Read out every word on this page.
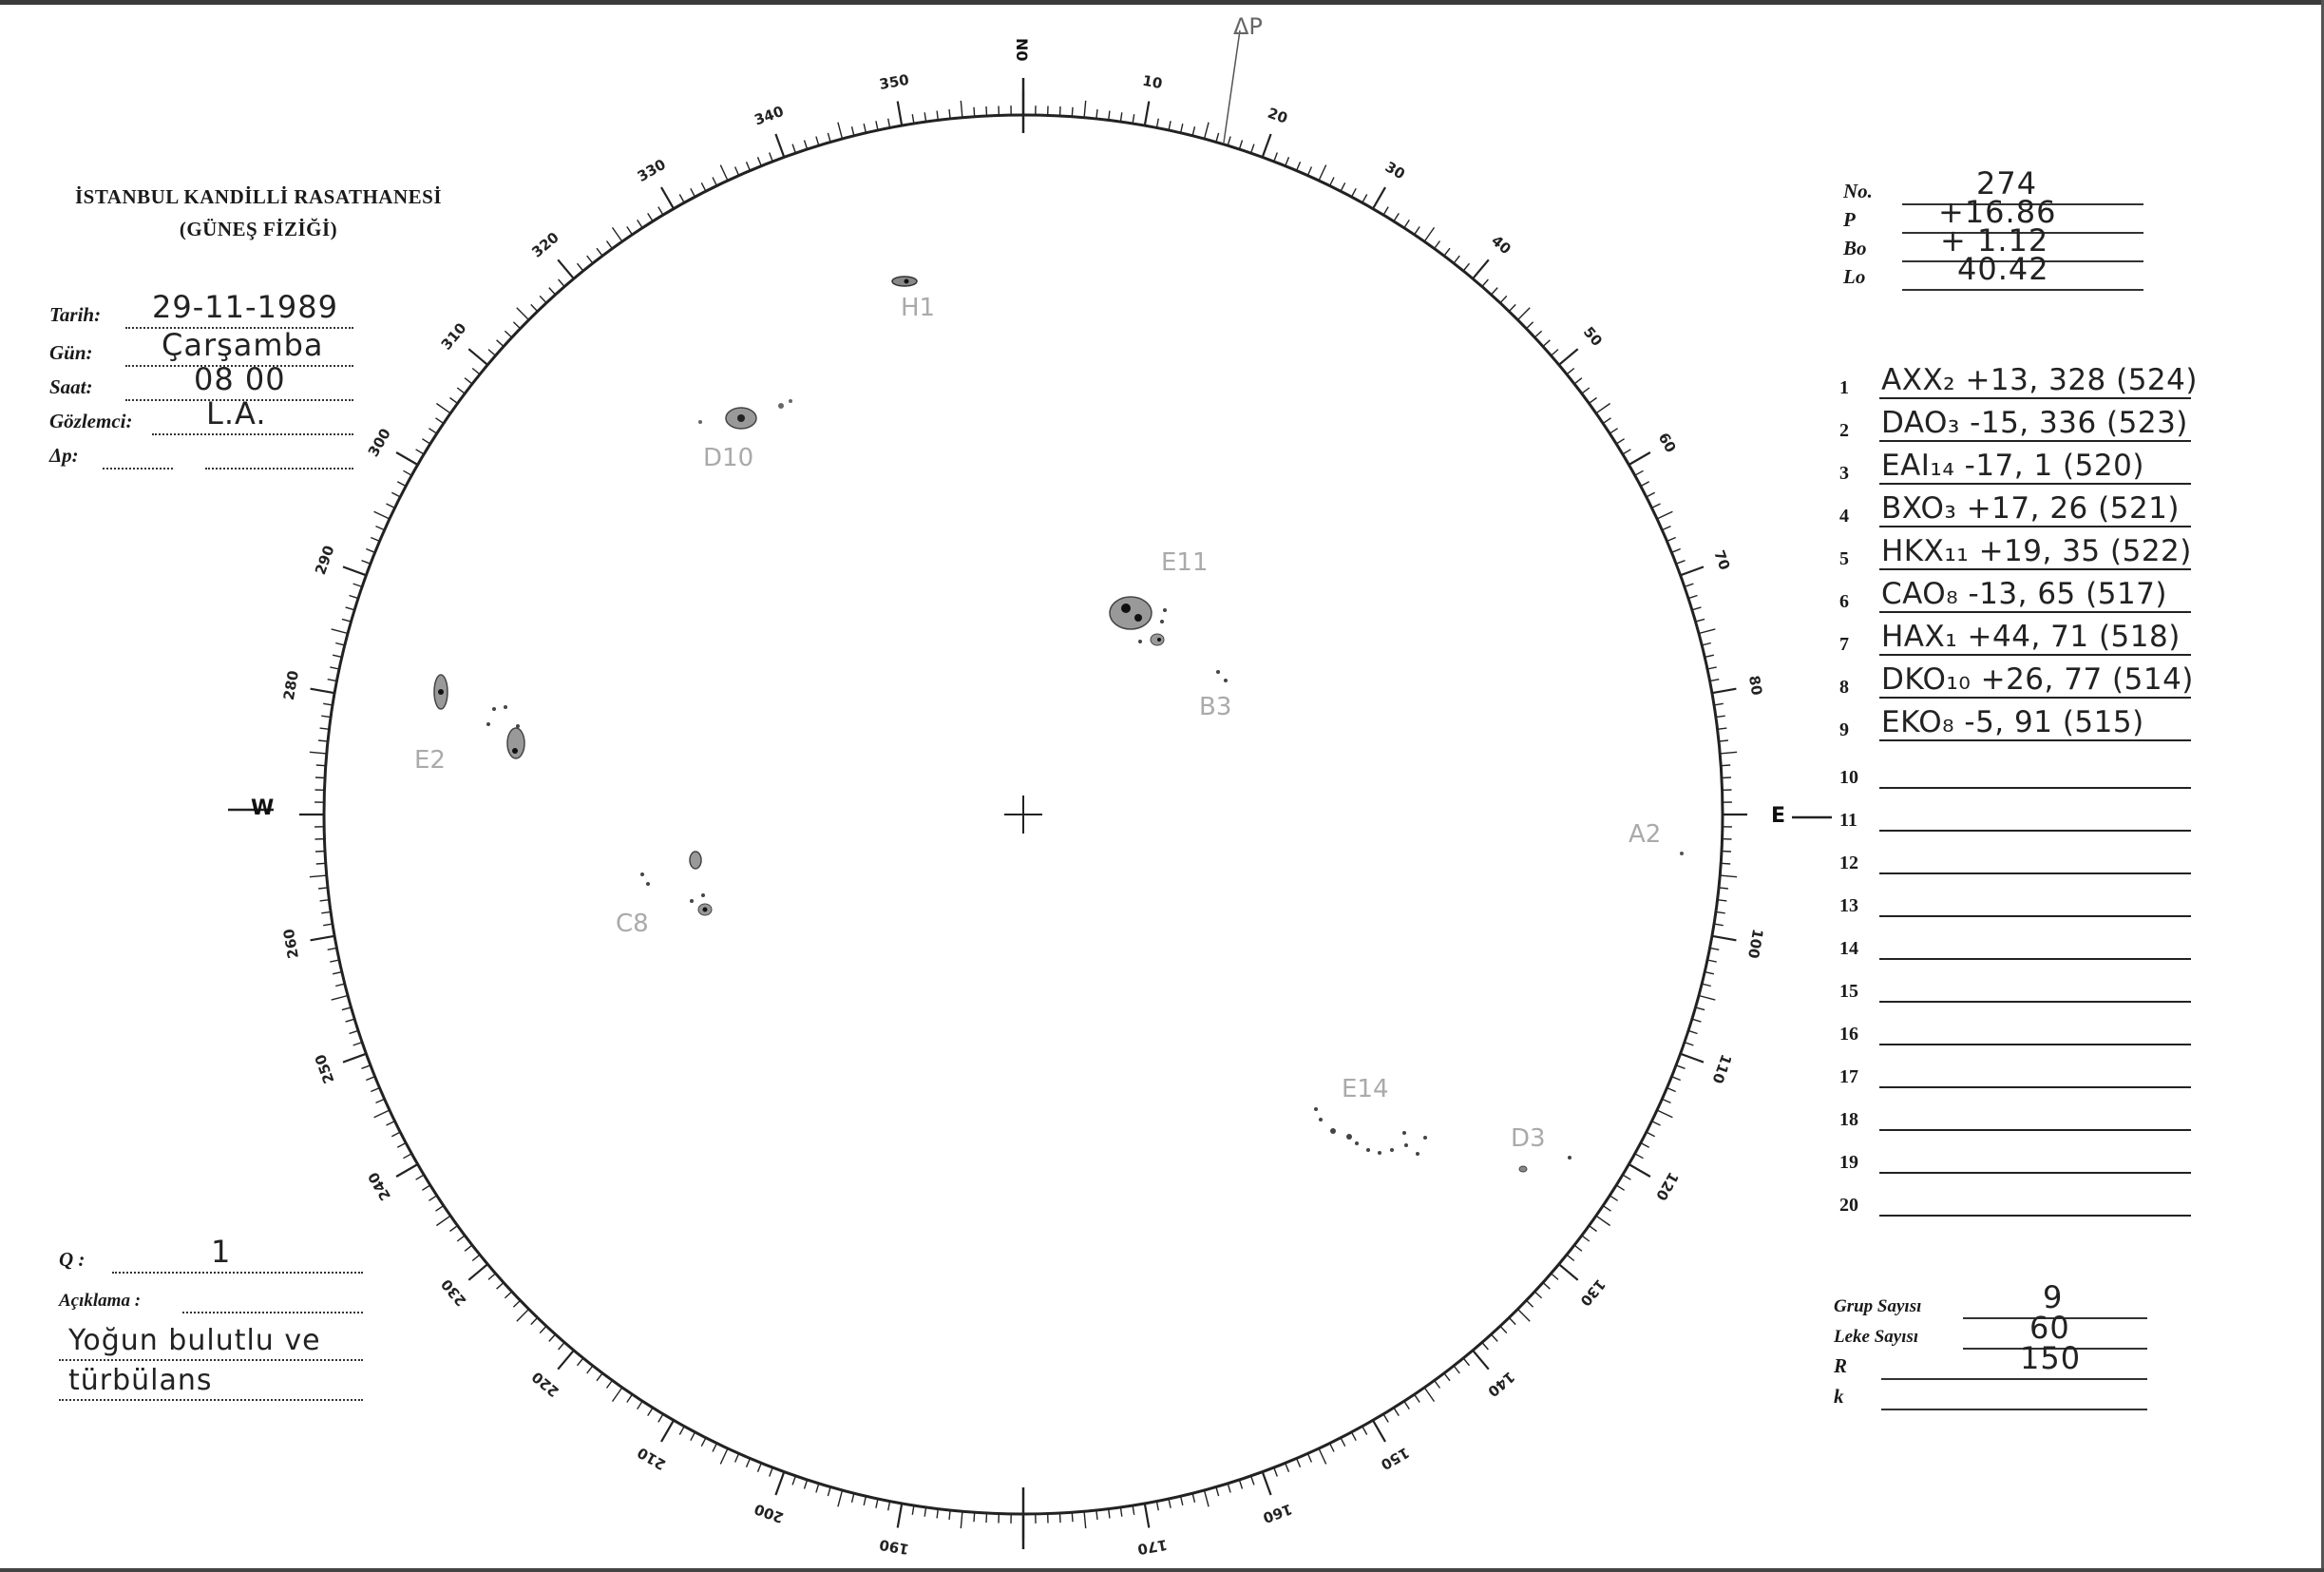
İSTANBUL KANDİLLİ RASATHANESİ
(GÜNEŞ FİZİĞİ)
Tarih: 29-11-1989
Gün: Çarşamba
Saat:	08 00
Gözlemci: L.A.
Δp:
No.	274
P	+16.86
Bo + 1.12
Lo	40.42
1 AXX₂ +13, 328 (524)
2 DAO₃ -15, 336 (523)
3 EAI₁₄ -17, 1 (520)
4 BXO₃ +17, 26 (521)
5 HKX₁₁ +19, 35 (522)
6 CAO₈ -13, 65 (517)
7 HAX₁ +44, 71 (518)
8 DKO₁₀ +26, 77 (514)
9 EKO₈ -5, 91 (515)
10
11
12
13
14
15
16
17
18
19
20
Grup Sayısı	9
Leke Sayısı	60
R	150
k
Q :	1
Açıklama :
Yoğun bulutlu ve
türbülans
10
20
30
40
50
60
70
80
100
110
120
130
140
150
160
170
190
200
210
220
230
240
250
260
280
290
300
310
320
330
340
350
H1
D10
E11
B3
E2
C8
A2
E14
D3
ΔP
N0
W	E
